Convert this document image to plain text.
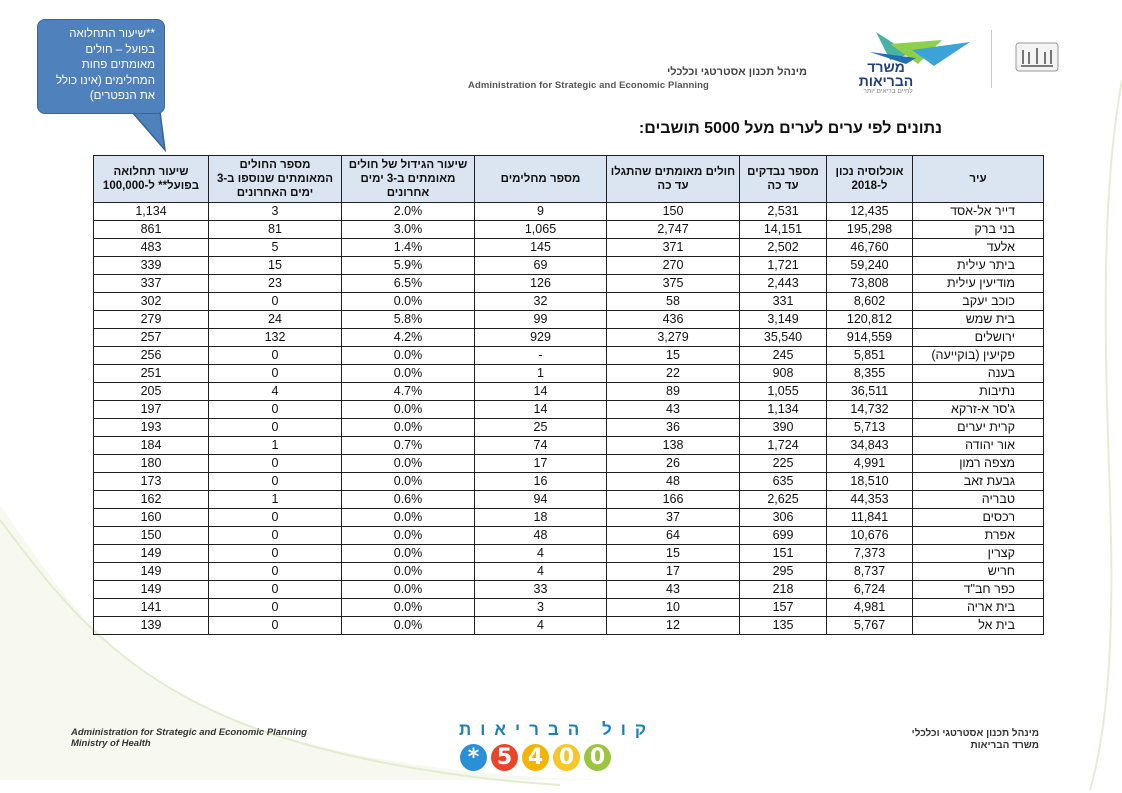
**שיעור התחלואה בפועל – חולים מאומתים פחות המחלימים (אינו כולל את הנפטרים)
מינהל תכנון אסטרטגי וכלכלי
Administration for Strategic and Economic Planning
משרד הבריאות
לחיים בריאים יותר
נתונים לפי ערים לערים מעל 5000 תושבים:
עיר	אוכלוסיה נכון ל-2018	מספר נבדקים עד כה	חולים מאומתים שהתגלו עד כה	מספר מחלימים	שיעור הגידול של חולים מאומתים ב-3 ימים אחרונים	מספר החולים המאומתים שנוספו ב-3 ימים האחרונים	שיעור תחלואה בפועל** ל-100,000
דייר אל-אסד	12,435	2,531	150	9	2.0%	3	1,134
בני ברק	195,298	14,151	2,747	1,065	3.0%	81	861
אלעד	46,760	2,502	371	145	1.4%	5	483
ביתר עילית	59,240	1,721	270	69	5.9%	15	339
מודיעין עילית	73,808	2,443	375	126	6.5%	23	337
כוכב יעקב	8,602	331	58	32	0.0%	0	302
בית שמש	120,812	3,149	436	99	5.8%	24	279
ירושלים	914,559	35,540	3,279	929	4.2%	132	257
פקיעין (בוקייעה)	5,851	245	15	-	0.0%	0	256
בענה	8,355	908	22	1	0.0%	0	251
נתיבות	36,511	1,055	89	14	4.7%	4	205
ג'סר א-זרקא	14,732	1,134	43	14	0.0%	0	197
קרית יערים	5,713	390	36	25	0.0%	0	193
אור יהודה	34,843	1,724	138	74	0.7%	1	184
מצפה רמון	4,991	225	26	17	0.0%	0	180
גבעת זאב	18,510	635	48	16	0.0%	0	173
טבריה	44,353	2,625	166	94	0.6%	1	162
רכסים	11,841	306	37	18	0.0%	0	160
אפרת	10,676	699	64	48	0.0%	0	150
קצרין	7,373	151	15	4	0.0%	0	149
חריש	8,737	295	17	4	0.0%	0	149
כפר חב"ד	6,724	218	43	33	0.0%	0	149
בית אריה	4,981	157	10	3	0.0%	0	141
בית אל	5,767	135	12	4	0.0%	0	139
Administration for Strategic and Economic Planning
Ministry of Health
מינהל תכנון אסטרטגי וכלכלי
משרד הבריאות
קול הבריאות
* 5 4 0 0
